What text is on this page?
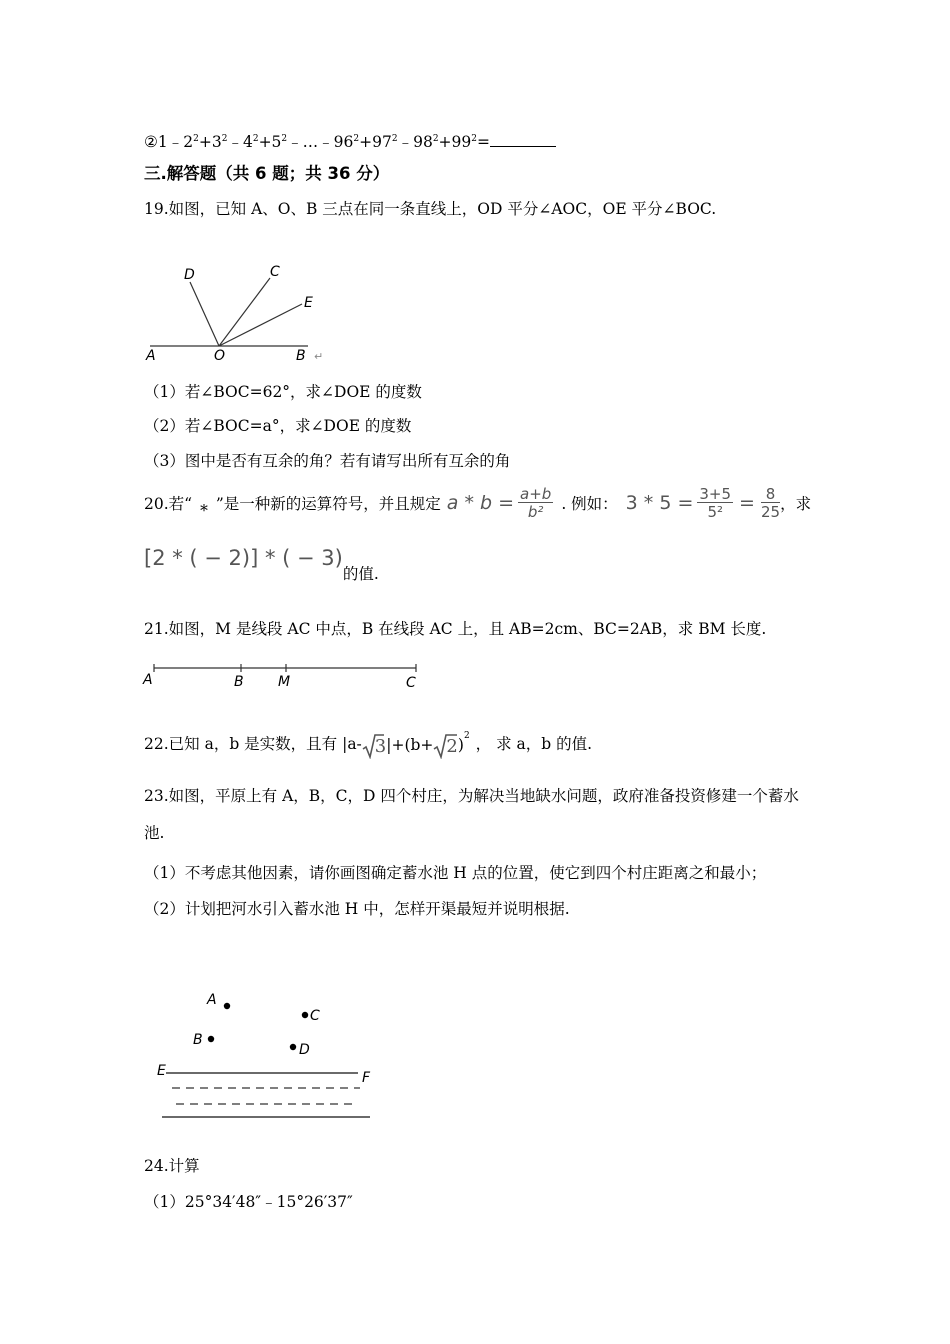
$②1﹣2^2+3^2﹣4^2+5^2﹣\dots﹣96^2+97^2﹣98^2+99^2=$
三.解答题（共 6 题；共 36 分）
19.如图，已知 A、O、B 三点在同一条直线上，OD 平分∠AOC，OE 平分∠BOC.
D	C
E
A	O	B ↵
（1）若∠BOC=62°，求∠DOE 的度数
（2）若∠BOC=a°，求∠DOE 的度数
（3）图中是否有互余的角？若有请写出所有互余的角
20.若“ * ”是一种新的运算符号，并且规定 $a * b = \frac{a+b}{\text{b²}}$ . 例如： $3 * 5 = \frac{3+5}{\text{5²}} = \frac{8}{25}$ ，求
[2 * ( − 2)] * ( − 3)
的值.
21.如图，M 是线段 AC 中点，B 在线段 AC 上，且 AB=2cm、BC=2AB，求 BM 长度.
A	B M	C
22.已知 a，b 是实数，且有 |a- 3 |+(b+ 2 )$^2$ ， 求 a，b 的值.
23.如图，平原上有 A，B，C，D 四个村庄，为解决当地缺水问题，政府准备投资修建一个蓄水
池.
（1）不考虑其他因素，请你画图确定蓄水池 H 点的位置，使它到四个村庄距离之和最小；
（2）计划把河水引入蓄水池 H 中，怎样开渠最短并说明根据.
A
C
B
D
E	F
24.计算
（1）25°34′48″﹣15°26′37″
